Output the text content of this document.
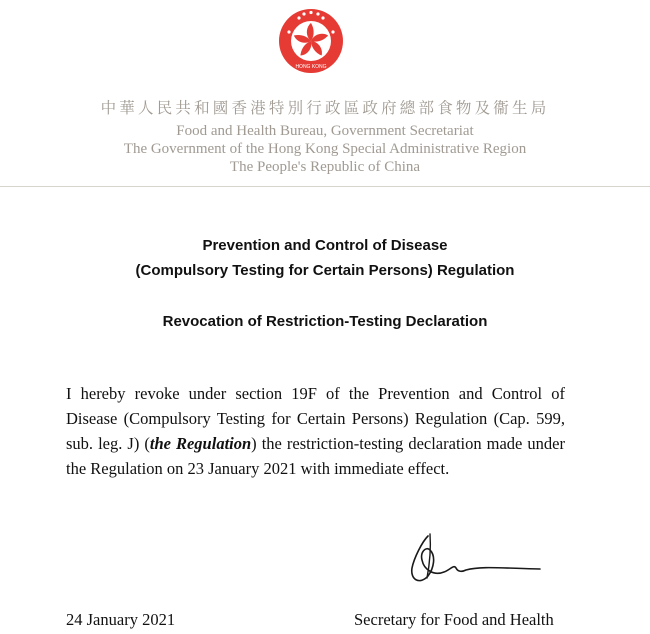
HONG KONG
中華人民共和國香港特別行政區政府總部食物及衞生局
Food and Health Bureau, Government Secretariat
The Government of the Hong Kong Special Administrative Region
The People's Republic of China
Prevention and Control of Disease
(Compulsory Testing for Certain Persons) Regulation
Revocation of Restriction-Testing Declaration
I hereby revoke under section 19F of the Prevention and Control of Disease (Compulsory Testing for Certain Persons) Regulation (Cap. 599, sub. leg. J) (the Regulation) the restriction-testing declaration made under the Regulation on 23 January 2021 with immediate effect.
24 January 2021	Secretary for Food and Health
